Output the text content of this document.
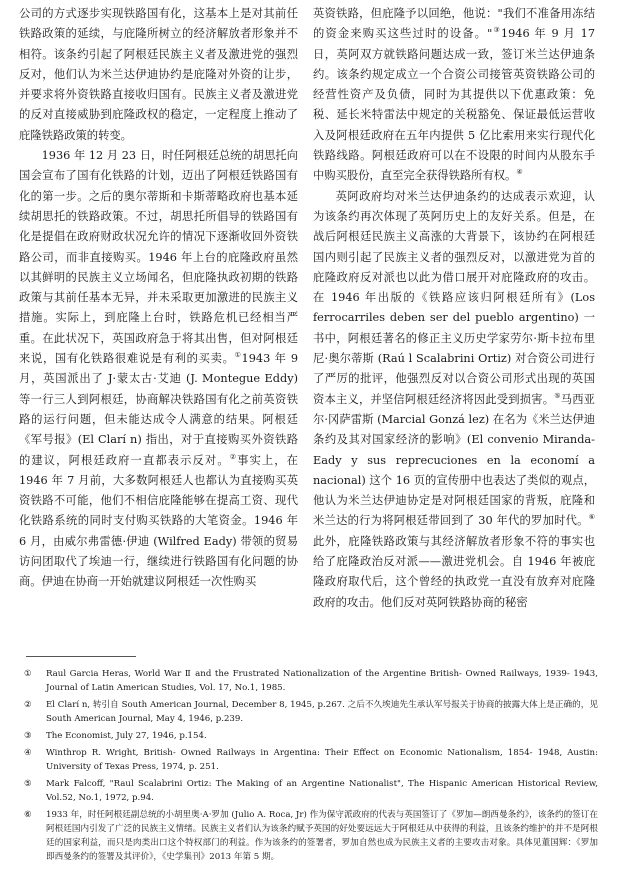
公司的方式逐步实现铁路国有化，这基本上是对其前任铁路政策的延续，与庇隆所树立的经济解放者形象并不相符。该条约引起了阿根廷民族主义者及激进党的强烈反对，他们认为米兰达伊迪协约是庇隆对外资的让步，并要求将外资铁路直接收归国有。民族主义者及激进党的反对直接威胁到庇隆政权的稳定，一定程度上推动了庇隆铁路政策的转变。

1936 年 12 月 23 日，时任阿根廷总统的胡思托向国会宣布了国有化铁路的计划，迈出了阿根廷铁路国有化的第一步。之后的奥尔蒂斯和卡斯蒂略政府也基本延续胡思托的铁路政策。不过，胡思托所倡导的铁路国有化是提倡在政府财政状况允许的情况下逐渐收回外资铁路公司，而非直接购买。1946 年上台的庇隆政府虽然以其鲜明的民族主义立场闻名，但庇隆执政初期的铁路政策与其前任基本无异，并未采取更加激进的民族主义措施。实际上，到庇隆上台时，铁路危机已经相当严重。在此状况下，英国政府急于将其出售，但对阿根廷来说，国有化铁路很难说是有利的买卖。①1943 年 9 月，英国派出了 J·蒙太古·艾迪 (J. Montegue Eddy) 等一行三人到阿根廷，协商解决铁路国有化之前英资铁路的运行问题，但未能达成令人满意的结果。阿根廷《军号报》(El Clarí n) 指出，对于直接购买外资铁路的建议，阿根廷政府一直都表示反对。②事实上，在 1946 年 7 月前，大多数阿根廷人也都认为直接购买英资铁路不可能，他们不相信庇隆能够在提高工资、现代化铁路系统的同时支付购买铁路的大笔资金。1946 年 6 月，由威尔弗雷德·伊迪 (Wilfred Eady) 带领的贸易访问团取代了埃迪一行，继续进行铁路国有化问题的协商。伊迪在协商一开始就建议阿根廷一次性购买

英资铁路，但庇隆予以回绝，他说："我们不准备用冻结的资金来购买这些过时的设备。"③1946 年 9 月 17 日，英阿双方就铁路问题达成一致，签订米兰达伊迪条约。该条约规定成立一个合资公司接管英资铁路公司的经营性资产及负债，同时为其提供以下优惠政策：免税、延长米特雷法中规定的关税豁免、保证最低运营收入及阿根廷政府在五年内提供 5 亿比索用来实行现代化铁路线路。阿根廷政府可以在不设限的时间内从股东手中购买股份，直至完全获得铁路所有权。④

英阿政府均对米兰达伊迪条约的达成表示欢迎，认为该条约再次体现了英阿历史上的友好关系。但是，在战后阿根廷民族主义高涨的大背景下，该协约在阿根廷国内则引起了民族主义者的强烈反对，以激进党为首的庇隆政府反对派也以此为借口展开对庇隆政府的攻击。在 1946 年出版的《铁路应该归阿根廷所有》(Los ferrocarriles deben ser del pueblo argentino) 一书中，阿根廷著名的修正主义历史学家劳尔·斯卡拉布里尼·奥尔蒂斯 (Raú l Scalabrini Ortiz) 对合资公司进行了严厉的批评，他强烈反对以合资公司形式出现的英国资本主义，并坚信阿根廷经济将因此受到损害。⑤马西亚尔·冈萨雷斯 (Marcial Gonzá lez) 在名为《米兰达伊迪条约及其对国家经济的影响》(El convenio Miranda- Eady y sus reprecuciones en la economí a nacional) 这个 16 页的宣传册中也表达了类似的观点，他认为米兰达伊迪协定是对阿根廷国家的背叛，庇隆和米兰达的行为将阿根廷带回到了 30 年代的罗加时代。⑥此外，庇隆铁路政策与其经济解放者形象不符的事实也给了庇隆政治反对派——激进党机会。自 1946 年被庇隆政府取代后，这个曾经的执政党一直没有放弃对庇隆政府的攻击。他们反对英阿铁路协商的秘密

① Raul Garcia Heras, World War Ⅱ and the Frustrated Nationalization of the Argentine British- Owned Railways, 1939- 1943, Journal of Latin American Studies, Vol. 17, No.1, 1985.
② El Clarí n, 转引自 South American Journal, December 8, 1945, p.267. 之后不久埃迪先生承认军号报关于协商的披露大体上是正确的，见 South American Journal, May 4, 1946, p.239.
③ The Economist, July 27, 1946, p.154.
④ Winthrop R. Wright, British- Owned Railways in Argentina: Their Effect on Economic Nationalism, 1854- 1948, Austin: University of Texas Press, 1974, p. 251.
⑤ Mark Falcoff, "Raul Scalabrini Ortiz: The Making of an Argentine Nationalist", The Hispanic American Historical Review, Vol.52, No.1, 1972, p.94.
⑥ 1933 年，时任阿根廷副总统的小胡里奥·A·罗加 (Julio A. Roca, Jr) 作为保守派政府的代表与英国签订了《罗加—朗西曼条约》，该条约的签订在阿根廷国内引发了广泛的民族主义情绪。民族主义者们认为该条约赋予英国的好处要远远大于阿根廷从中获得的利益，且该条约维护的并不是阿根廷的国家利益，而只是肉类出口这个特权部门的利益。作为该条约的签署者，罗加自然也成为民族主义者的主要攻击对象。具体见董国辉：《罗加即西曼条约的签署及其评价》，《史学集刊》2013 年第 5 期。
